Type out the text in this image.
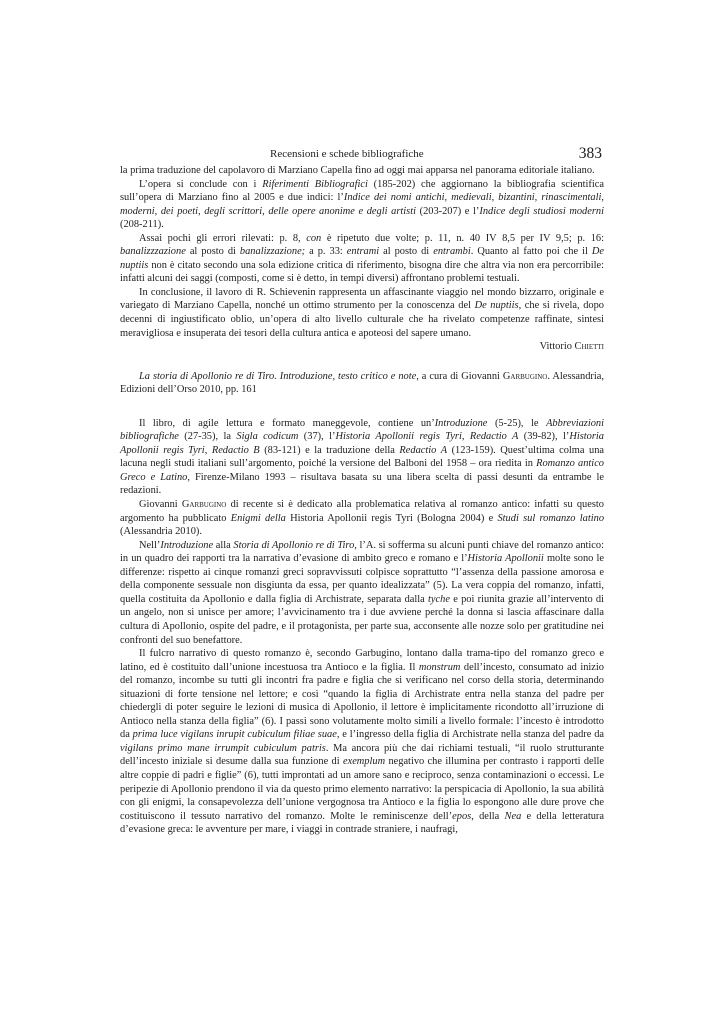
Recensioni e schede bibliografiche	383

la prima traduzione del capolavoro di Marziano Capella fino ad oggi mai apparsa nel panorama editoriale italiano.

L’opera si conclude con i Riferimenti Bibliografici (185-202) che aggiornano la bibliografia scientifica sull’opera di Marziano fino al 2005 e due indici: l’Indice dei nomi antichi, medievali, bizantini, rinascimentali, moderni, dei poeti, degli scrittori, delle opere anonime e degli artisti (203-207) e l’Indice degli studiosi moderni (208-211).

Assai pochi gli errori rilevati: p. 8, con è ripetuto due volte; p. 11, n. 40 IV 8,5 per IV 9,5; p. 16: banalizzzazione al posto di banalizzazione; a p. 33: entrami al posto di entrambi. Quanto al fatto poi che il De nuptiis non è citato secondo una sola edizione critica di riferimento, bisogna dire che altra via non era percorribile: infatti alcuni dei saggi (composti, come si è detto, in tempi diversi) affrontano problemi testuali.

In conclusione, il lavoro di R. Schievenin rappresenta un affascinante viaggio nel mondo bizzarro, originale e variegato di Marziano Capella, nonché un ottimo strumento per la conoscenza del De nuptiis, che si rivela, dopo decenni di ingiustificato oblio, un’opera di alto livello culturale che ha rivelato competenze raffinate, sintesi meravigliosa e insuperata dei tesori della cultura antica e apoteosi del sapere umano.

Vittorio Chietti

La storia di Apollonio re di Tiro. Introduzione, testo critico e note, a cura di Giovanni Garbugino. Alessandria, Edizioni dell’Orso 2010, pp. 161

Il libro, di agile lettura e formato maneggevole, contiene un’Introduzione (5-25), le Abbreviazioni bibliografiche (27-35), la Sigla codicum (37), l’Historia Apollonii regis Tyri, Redactio A (39-82), l’Historia Apollonii regis Tyri, Redactio B (83-121) e la traduzione della Redactio A (123-159). Quest’ultima colma una lacuna negli studi italiani sull’argomento, poiché la versione del Balboni del 1958 – ora riedita in Romanzo antico Greco e Latino, Firenze-Milano 1993 – risultava basata su una libera scelta di passi desunti da entrambe le redazioni.

Giovanni Garbugino di recente si è dedicato alla problematica relativa al romanzo antico: infatti su questo argomento ha pubblicato Enigmi della Historia Apollonii regis Tyri (Bologna 2004) e Studi sul romanzo latino (Alessandria 2010).

Nell’Introduzione alla Storia di Apollonio re di Tiro, l’A. si sofferma su alcuni punti chiave del romanzo antico: in un quadro dei rapporti tra la narrativa d’evasione di ambito greco e romano e l’Historia Apollonii molte sono le differenze: rispetto ai cinque romanzi greci sopravvissuti colpisce soprattutto “l’assenza della passione amorosa e della componente sessuale non disgiunta da essa, per quanto idealizzata” (5). La vera coppia del romanzo, infatti, quella costituita da Apollonio e dalla figlia di Archistrate, separata dalla tyche e poi riunita grazie all’intervento di un angelo, non si unisce per amore; l’avvicinamento tra i due avviene perché la donna si lascia affascinare dalla cultura di Apollonio, ospite del padre, e il protagonista, per parte sua, acconsente alle nozze solo per gratitudine nei confronti del suo benefattore.

Il fulcro narrativo di questo romanzo è, secondo Garbugino, lontano dalla trama-tipo del romanzo greco e latino, ed è costituito dall’unione incestuosa tra Antioco e la figlia. Il monstrum dell’incesto, consumato ad inizio del romanzo, incombe su tutti gli incontri fra padre e figlia che si verificano nel corso della storia, determinando situazioni di forte tensione nel lettore; e così “quando la figlia di Archistrate entra nella stanza del padre per chiedergli di poter seguire le lezioni di musica di Apollonio, il lettore è implicitamente ricondotto all’irruzione di Antioco nella stanza della figlia” (6). I passi sono volutamente molto simili a livello formale: l’incesto è introdotto da prima luce vigilans inrupit cubiculum filiae suae, e l’ingresso della figlia di Archistrate nella stanza del padre da vigilans primo mane irrumpit cubiculum patris. Ma ancora più che dai richiami testuali, “il ruolo strutturante dell’incesto iniziale si desume dalla sua funzione di exemplum negativo che illumina per contrasto i rapporti delle altre coppie di padri e figlie” (6), tutti improntati ad un amore sano e reciproco, senza contaminazioni o eccessi. Le peripezie di Apollonio prendono il via da questo primo elemento narrativo: la perspicacia di Apollonio, la sua abilità con gli enigmi, la consapevolezza dell’unione vergognosa tra Antioco e la figlia lo espongono alle dure prove che costituiscono il tessuto narrativo del romanzo. Molte le reminiscenze dell’epos, della Nea e della letteratura d’evasione greca: le avventure per mare, i viaggi in contrade straniere, i naufragi,
